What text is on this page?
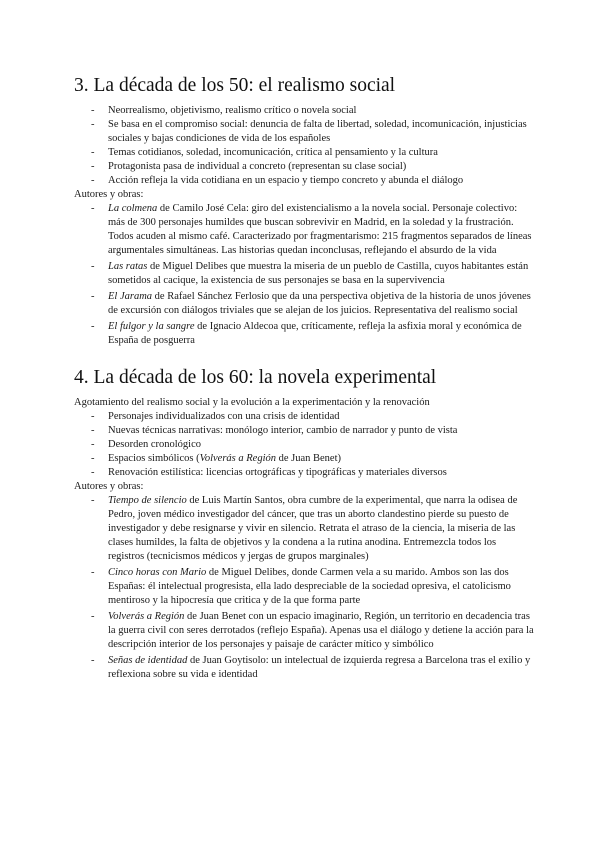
3. La década de los 50: el realismo social
- Neorrealismo, objetivismo, realismo crítico o novela social
- Se basa en el compromiso social: denuncia de falta de libertad, soledad, incomunicación, injusticias sociales y bajas condiciones de vida de los españoles
- Temas cotidianos, soledad, incomunicación, crítica al pensamiento y la cultura
- Protagonista pasa de individual a concreto (representan su clase social)
- Acción refleja la vida cotidiana en un espacio y tiempo concreto y abunda el diálogo

Autores y obras:

- La colmena de Camilo José Cela: giro del existencialismo a la novela social. Personaje colectivo: más de 300 personajes humildes que buscan sobrevivir en Madrid, en la soledad y la frustración. Todos acuden al mismo café. Caracterizado por fragmentarismo: 215 fragmentos separados de líneas argumentales simultáneas. Las historias quedan inconclusas, reflejando el absurdo de la vida
- Las ratas de Miguel Delibes que muestra la miseria de un pueblo de Castilla, cuyos habitantes están sometidos al cacique, la existencia de sus personajes se basa en la supervivencia
- El Jarama de Rafael Sánchez Ferlosio que da una perspectiva objetiva de la historia de unos jóvenes de excursión con diálogos triviales que se alejan de los juicios. Representativa del realismo social
- El fulgor y la sangre de Ignacio Aldecoa que, críticamente, refleja la asfixia moral y económica de España de posguerra
4. La década de los 60: la novela experimental

Agotamiento del realismo social y la evolución a la experimentación y la renovación

- Personajes individualizados con una crisis de identidad
- Nuevas técnicas narrativas: monólogo interior, cambio de narrador y punto de vista
- Desorden cronológico
- Espacios simbólicos (Volverás a Región de Juan Benet)
- Renovación estilística: licencias ortográficas y tipográficas y materiales diversos

Autores y obras:

- Tiempo de silencio de Luis Martín Santos, obra cumbre de la experimental, que narra la odisea de Pedro, joven médico investigador del cáncer, que tras un aborto clandestino pierde su puesto de investigador y debe resignarse y vivir en silencio. Retrata el atraso de la ciencia, la miseria de las clases humildes, la falta de objetivos y la condena a la rutina anodina. Entremezcla todos los registros (tecnicismos médicos y jergas de grupos marginales)
- Cinco horas con Mario de Miguel Delibes, donde Carmen vela a su marido. Ambos son las dos Españas: él intelectual progresista, ella lado despreciable de la sociedad opresiva, el catolicismo mentiroso y la hipocresía que critica y de la que forma parte
- Volverás a Región de Juan Benet con un espacio imaginario, Región, un territorio en decadencia tras la guerra civil con seres derrotados (reflejo España). Apenas usa el diálogo y detiene la acción para la descripción interior de los personajes y paisaje de carácter mítico y simbólico
- Señas de identidad de Juan Goytisolo: un intelectual de izquierda regresa a Barcelona tras el exilio y reflexiona sobre su vida e identidad
